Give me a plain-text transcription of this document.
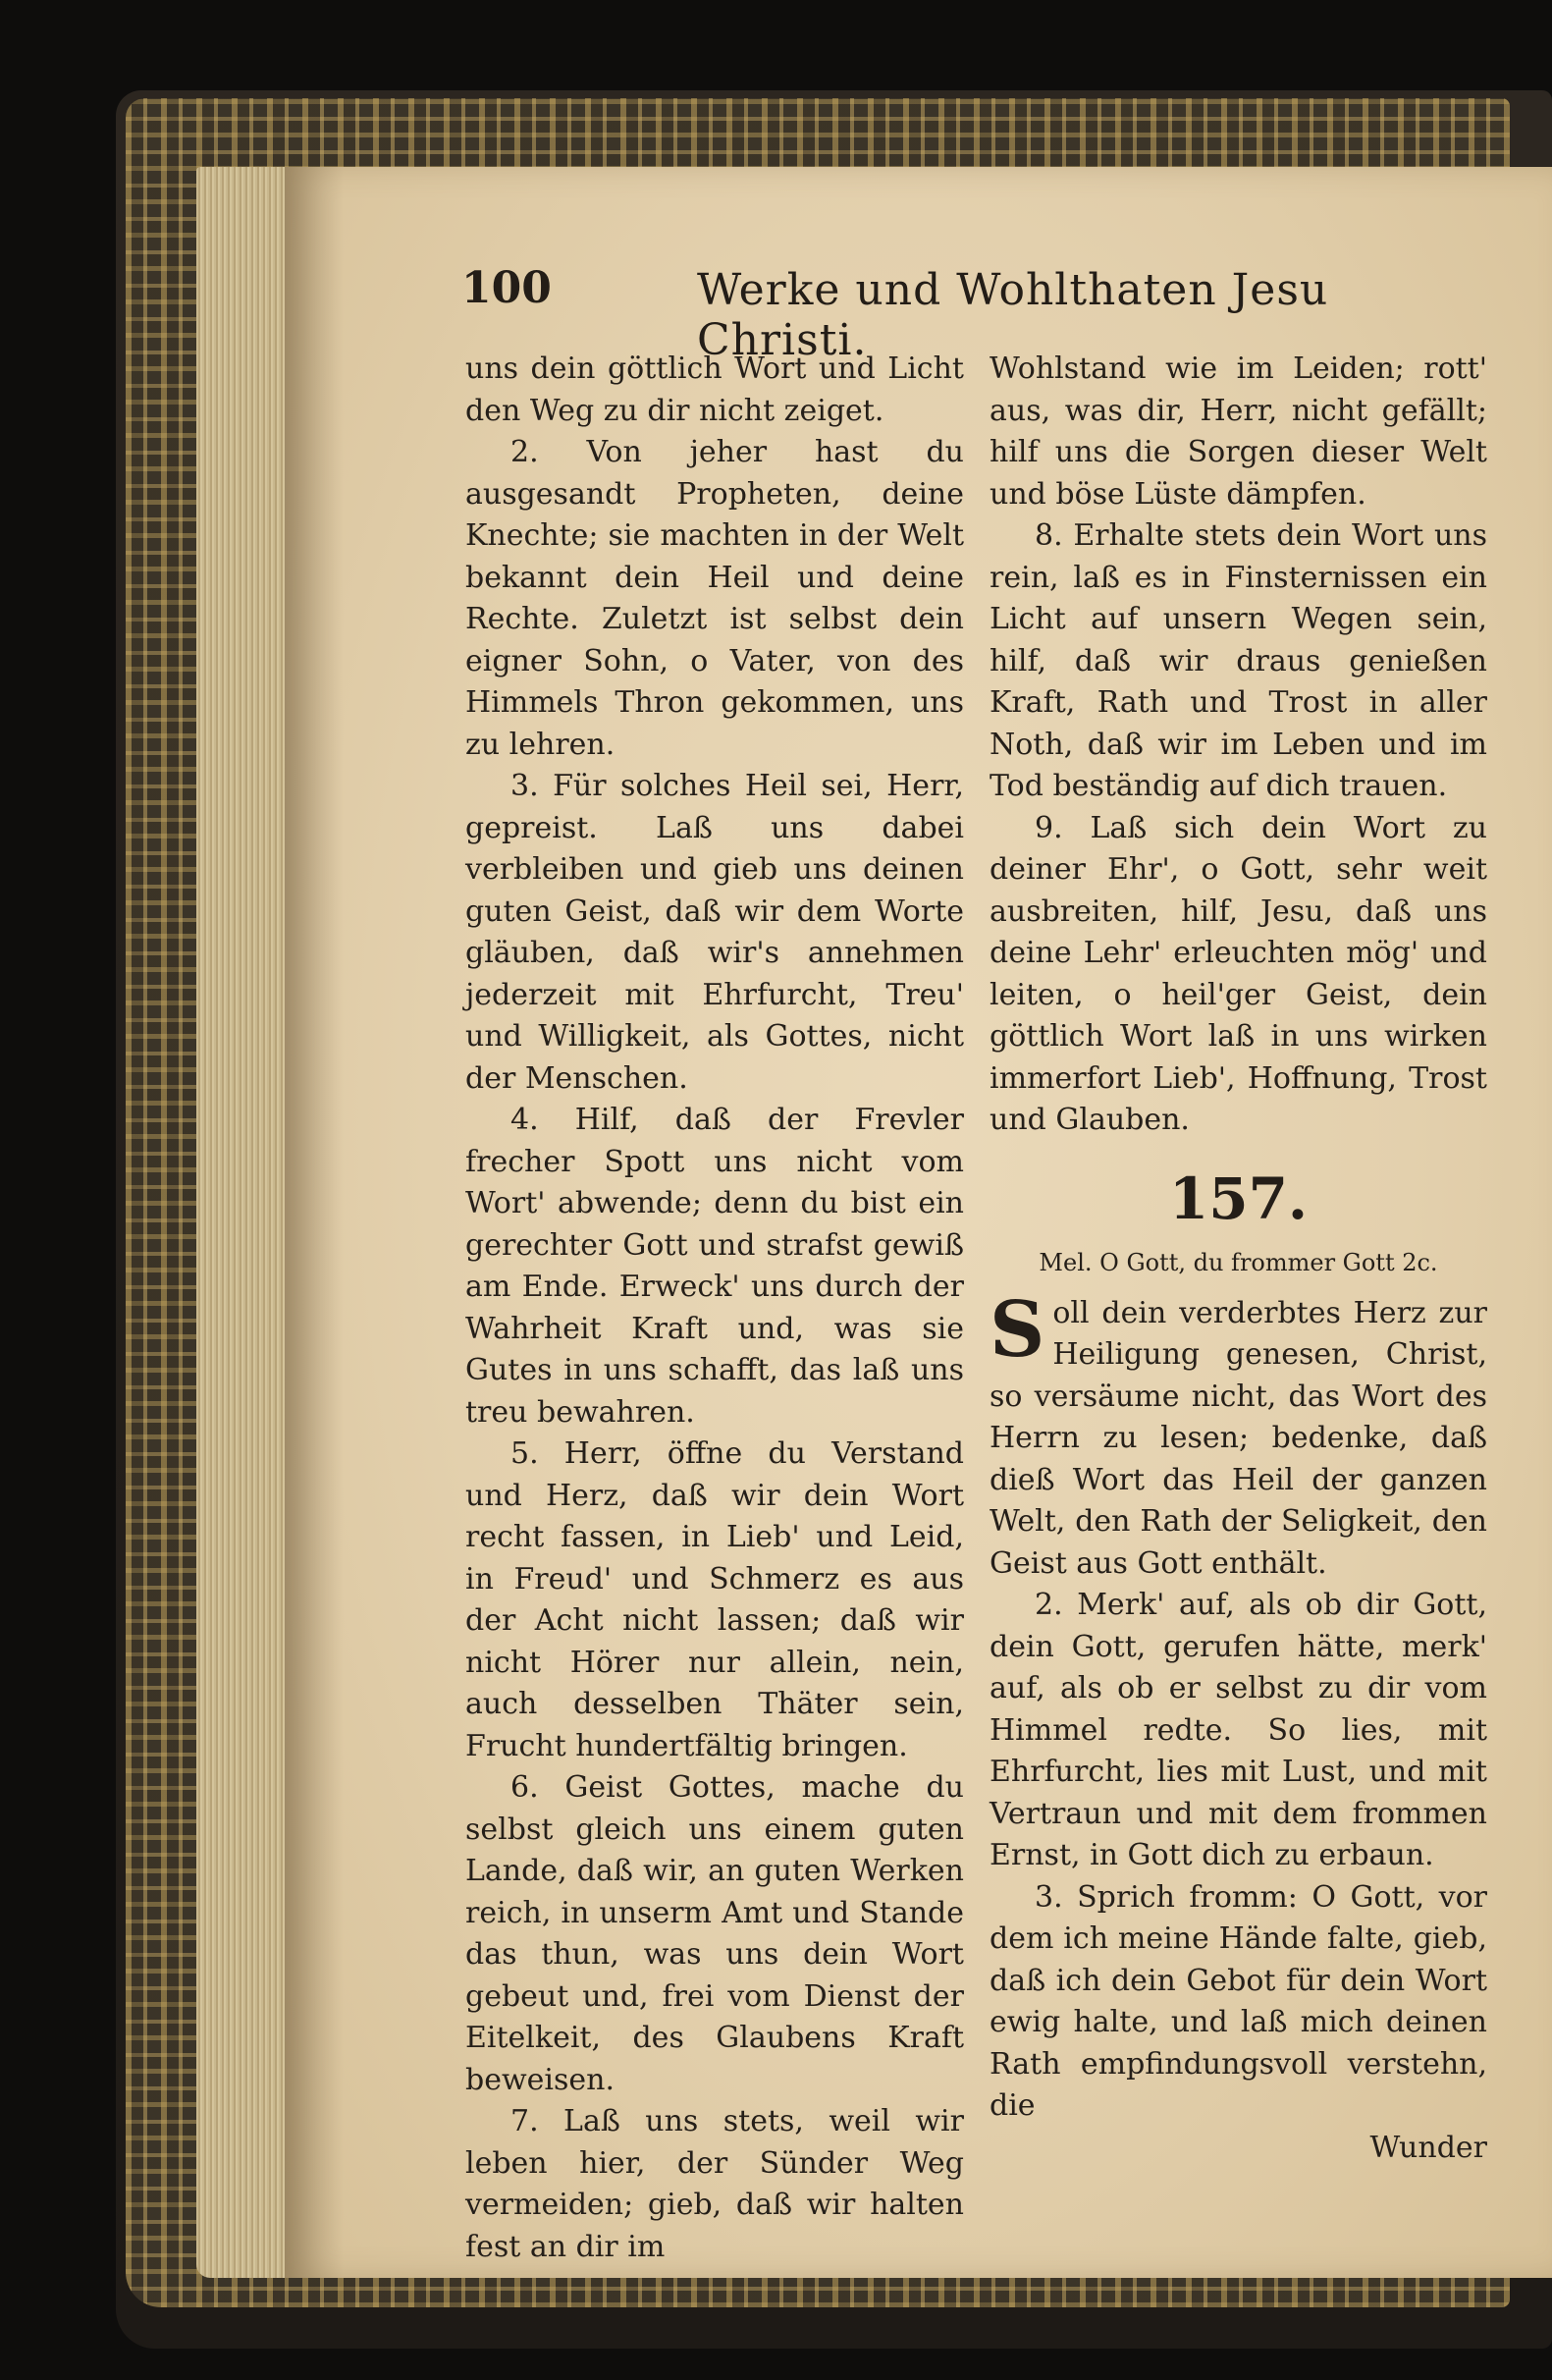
100	Werke und Wohlthaten Jesu Christi.

uns dein göttlich Wort und Licht den Weg zu dir nicht zeiget.

2. Von jeher hast du ausgesandt Propheten, deine Knechte; sie machten in der Welt bekannt dein Heil und deine Rechte. Zuletzt ist selbst dein eigner Sohn, o Vater, von des Himmels Thron gekommen, uns zu lehren.

3. Für solches Heil sei, Herr, gepreist. Laß uns dabei verbleiben und gieb uns deinen guten Geist, daß wir dem Worte gläuben, daß wir's annehmen jederzeit mit Ehrfurcht, Treu' und Willigkeit, als Gottes, nicht der Menschen.

4. Hilf, daß der Frevler frecher Spott uns nicht vom Wort' abwende; denn du bist ein gerechter Gott und strafst gewiß am Ende. Erweck' uns durch der Wahrheit Kraft und, was sie Gutes in uns schafft, das laß uns treu bewahren.

5. Herr, öffne du Verstand und Herz, daß wir dein Wort recht fassen, in Lieb' und Leid, in Freud' und Schmerz es aus der Acht nicht lassen; daß wir nicht Hörer nur allein, nein, auch desselben Thäter sein, Frucht hundertfältig bringen.

6. Geist Gottes, mache du selbst gleich uns einem guten Lande, daß wir, an guten Werken reich, in unserm Amt und Stande das thun, was uns dein Wort gebeut und, frei vom Dienst der Eitelkeit, des Glaubens Kraft beweisen.

7. Laß uns stets, weil wir leben hier, der Sünder Weg vermeiden; gieb, daß wir halten fest an dir im

Wohlstand wie im Leiden; rott' aus, was dir, Herr, nicht gefällt; hilf uns die Sorgen dieser Welt und böse Lüste dämpfen.

8. Erhalte stets dein Wort uns rein, laß es in Finsternissen ein Licht auf unsern Wegen sein, hilf, daß wir draus genießen Kraft, Rath und Trost in aller Noth, daß wir im Leben und im Tod beständig auf dich trauen.

9. Laß sich dein Wort zu deiner Ehr', o Gott, sehr weit ausbreiten, hilf, Jesu, daß uns deine Lehr' erleuchten mög' und leiten, o heil'ger Geist, dein göttlich Wort laß in uns wirken immerfort Lieb', Hoffnung, Trost und Glauben.

157.
Mel. O Gott, du frommer Gott 2c.

Soll dein verderbtes Herz zur Heiligung genesen, Christ, so versäume nicht, das Wort des Herrn zu lesen; bedenke, daß dieß Wort das Heil der ganzen Welt, den Rath der Seligkeit, den Geist aus Gott enthält.

2. Merk' auf, als ob dir Gott, dein Gott, gerufen hätte, merk' auf, als ob er selbst zu dir vom Himmel redte. So lies, mit Ehrfurcht, lies mit Lust, und mit Vertraun und mit dem frommen Ernst, in Gott dich zu erbaun.

3. Sprich fromm: O Gott, vor dem ich meine Hände falte, gieb, daß ich dein Gebot für dein Wort ewig halte, und laß mich deinen Rath empfindungsvoll verstehn, die

Wunder
